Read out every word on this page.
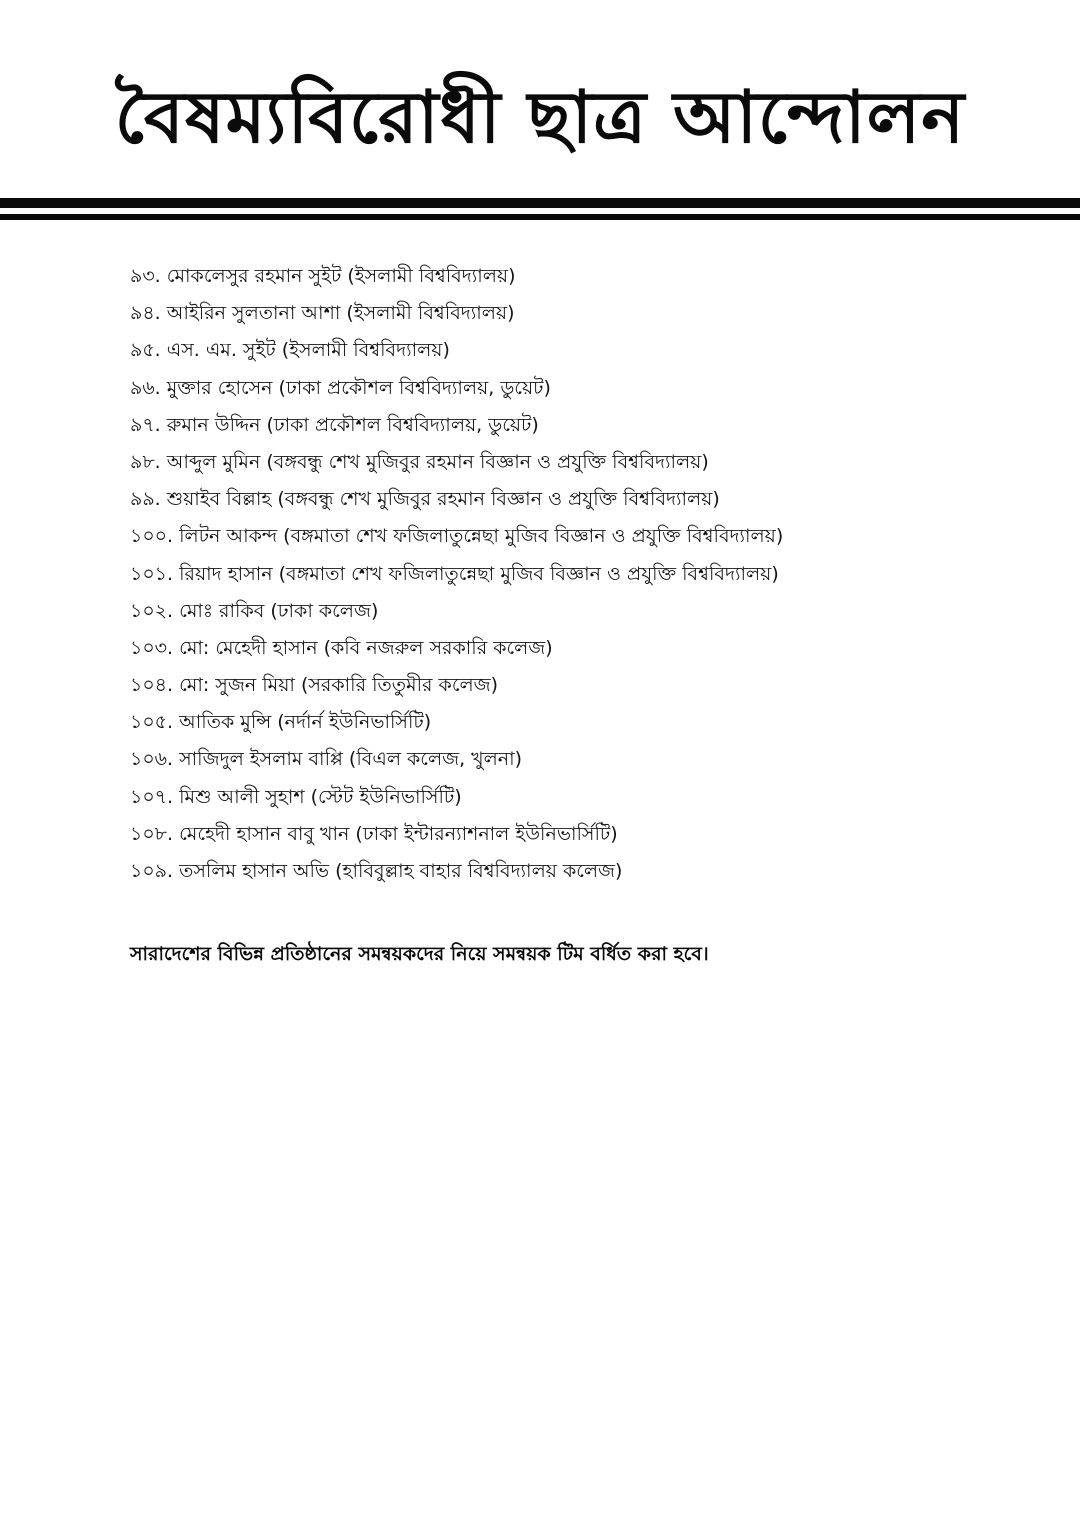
বৈষম্যবিরোধী ছাত্র আন্দোলন
৯৩. মোকলেসুর রহমান সুইট (ইসলামী বিশ্ববিদ্যালয়)
৯৪. আইরিন সুলতানা আশা (ইসলামী বিশ্ববিদ্যালয়)
৯৫. এস. এম. সুইট (ইসলামী বিশ্ববিদ্যালয়)
৯৬. মুক্তার হোসেন (ঢাকা প্রকৌশল বিশ্ববিদ্যালয়, ডুয়েট)
৯৭. রুমান উদ্দিন (ঢাকা প্রকৌশল বিশ্ববিদ্যালয়, ডুয়েট)
৯৮. আব্দুল মুমিন (বঙ্গবন্ধু শেখ মুজিবুর রহমান বিজ্ঞান ও প্রযুক্তি বিশ্ববিদ্যালয়)
৯৯. শুয়াইব বিল্লাহ (বঙ্গবন্ধু শেখ মুজিবুর রহমান বিজ্ঞান ও প্রযুক্তি বিশ্ববিদ্যালয়)
১০০. লিটন আকন্দ (বঙ্গমাতা শেখ ফজিলাতুন্নেছা মুজিব বিজ্ঞান ও প্রযুক্তি বিশ্ববিদ্যালয়)
১০১. রিয়াদ হাসান (বঙ্গমাতা শেখ ফজিলাতুন্নেছা মুজিব বিজ্ঞান ও প্রযুক্তি বিশ্ববিদ্যালয়)
১০২. মোঃ রাকিব (ঢাকা কলেজ)
১০৩. মো: মেহেদী হাসান (কবি নজরুল সরকারি কলেজ)
১০৪. মো: সুজন মিয়া (সরকারি তিতুমীর কলেজ)
১০৫. আতিক মুন্সি (নর্দার্ন ইউনিভার্সিটি)
১০৬. সাজিদুল ইসলাম বাপ্পি (বিএল কলেজ, খুলনা)
১০৭. মিশু আলী সুহাশ (স্টেট ইউনিভার্সিটি)
১০৮. মেহেদী হাসান বাবু খান (ঢাকা ইন্টারন্যাশনাল ইউনিভার্সিটি)
১০৯. তসলিম হাসান অভি (হাবিবুল্লাহ বাহার বিশ্ববিদ্যালয় কলেজ)
সারাদেশের বিভিন্ন প্রতিষ্ঠানের সমন্বয়কদের নিয়ে সমন্বয়ক টিম বর্ধিত করা হবে।
